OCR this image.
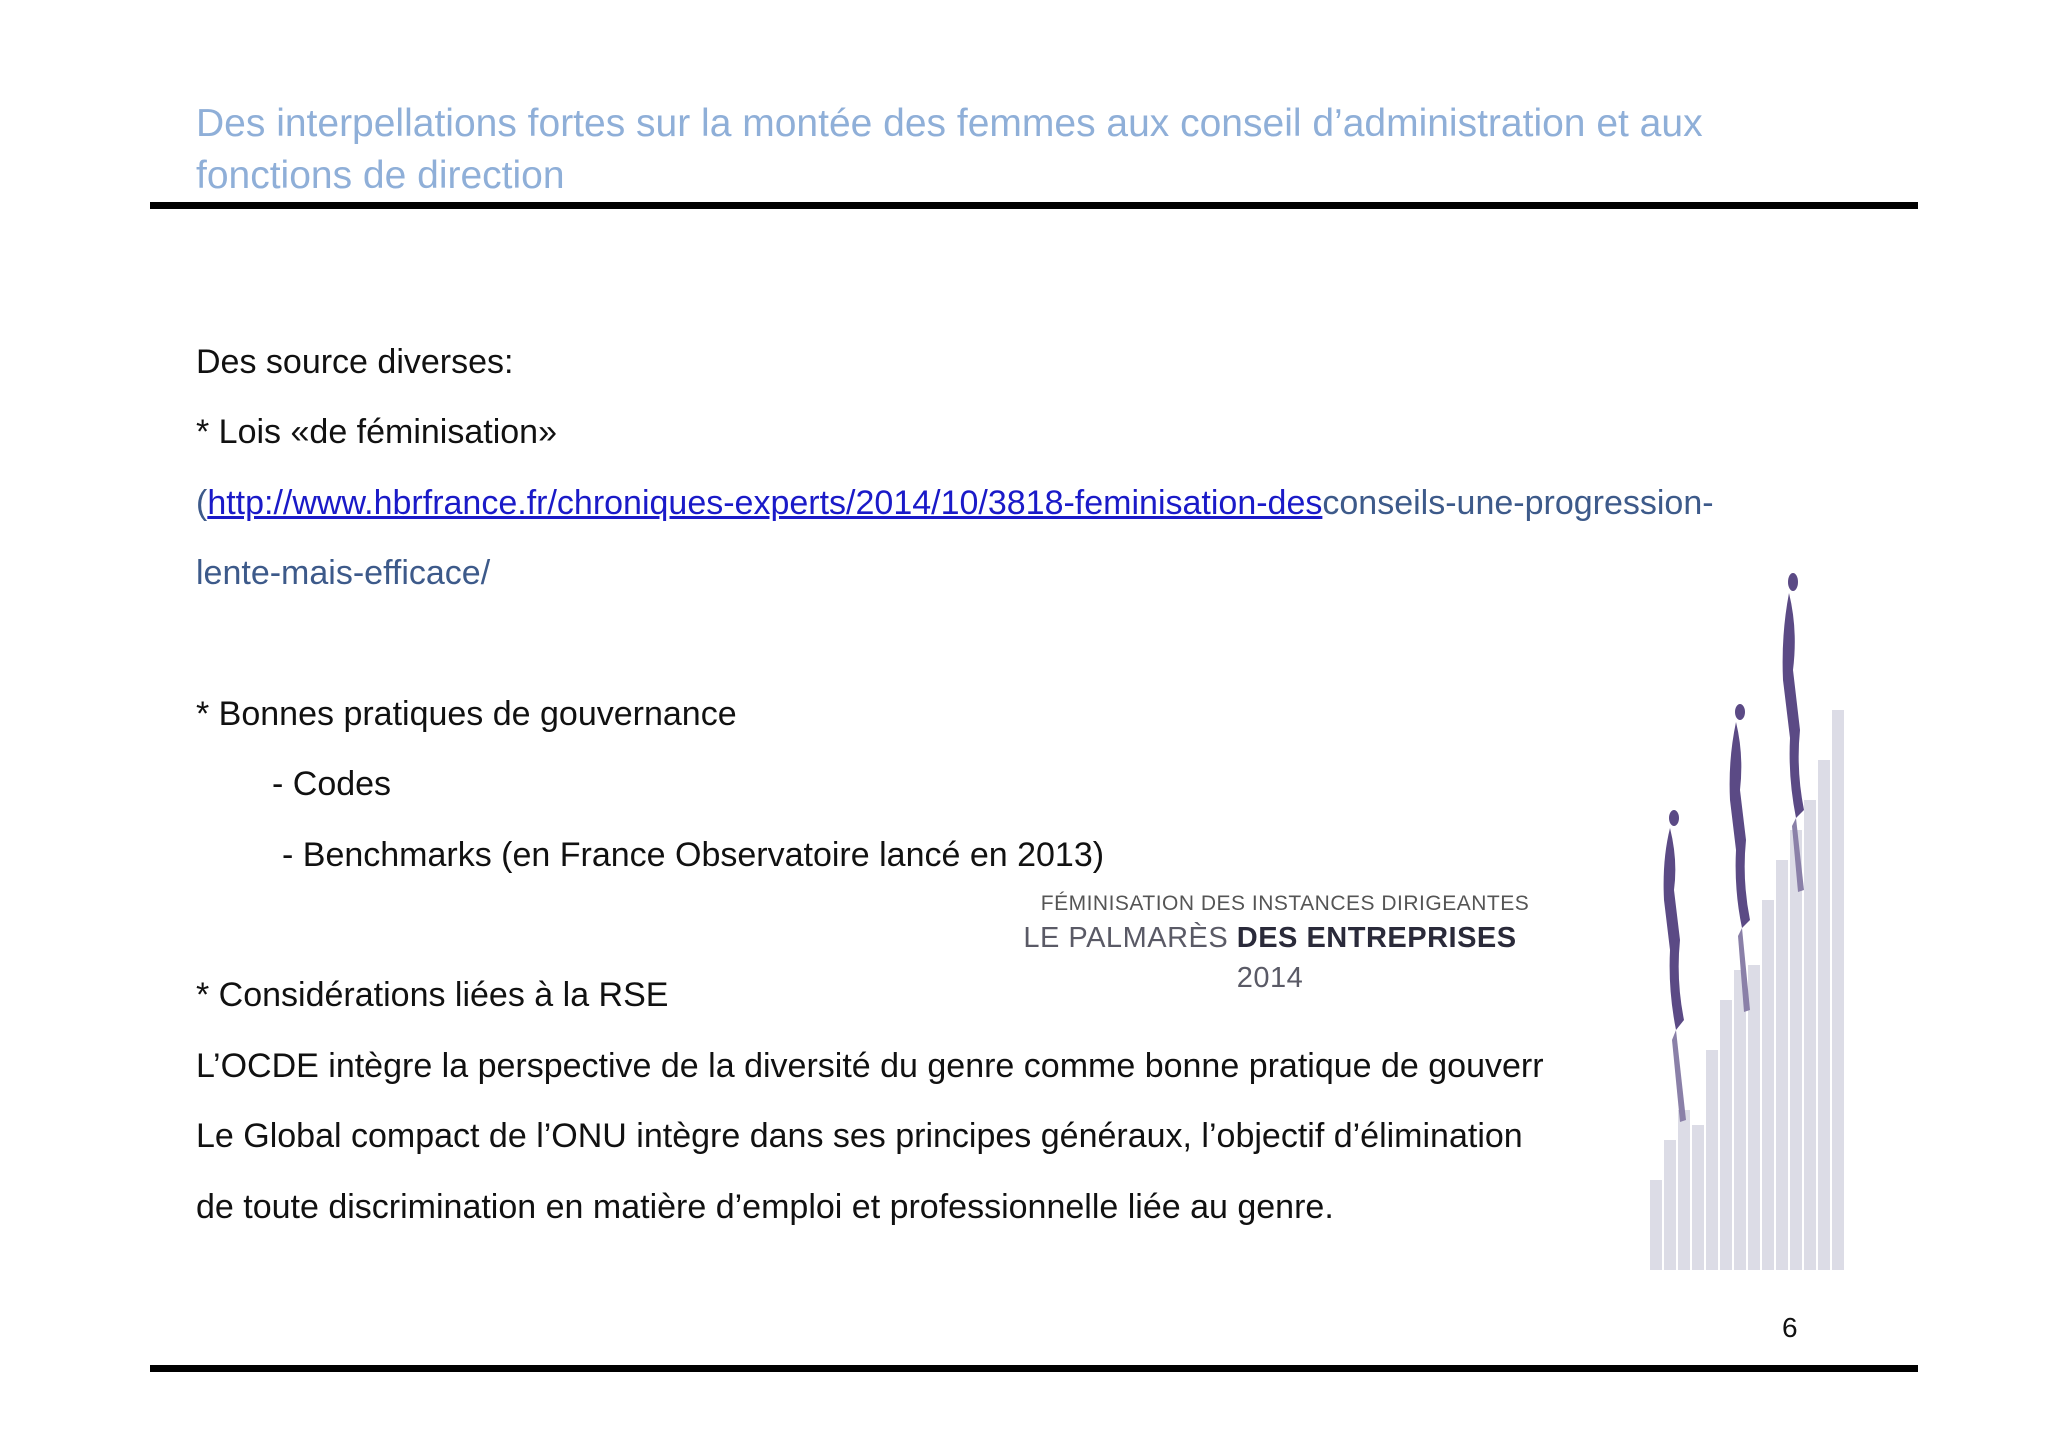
Des interpellations fortes sur la montée des femmes aux conseil d’administration et aux
fonctions de direction
Des source diverses:
* Lois «de féminisation»
(http://www.hbrfrance.fr/chroniques-experts/2014/10/3818-feminisation-desconseils-une-progression-
lente-mais-efficace/
* Bonnes pratiques de gouvernance
- Codes
- Benchmarks (en France Observatoire lancé en 2013)
* Considérations liées à la RSE
L’OCDE intègre la perspective de la diversité du genre comme bonne pratique de gouverr
Le Global compact de l’ONU intègre dans ses principes généraux, l’objectif d’élimination
de toute discrimination en matière d’emploi et professionnelle liée au genre.
FÉMINISATION DES INSTANCES DIRIGEANTES
LE PALMARÈS DES ENTREPRISES 2014
6
